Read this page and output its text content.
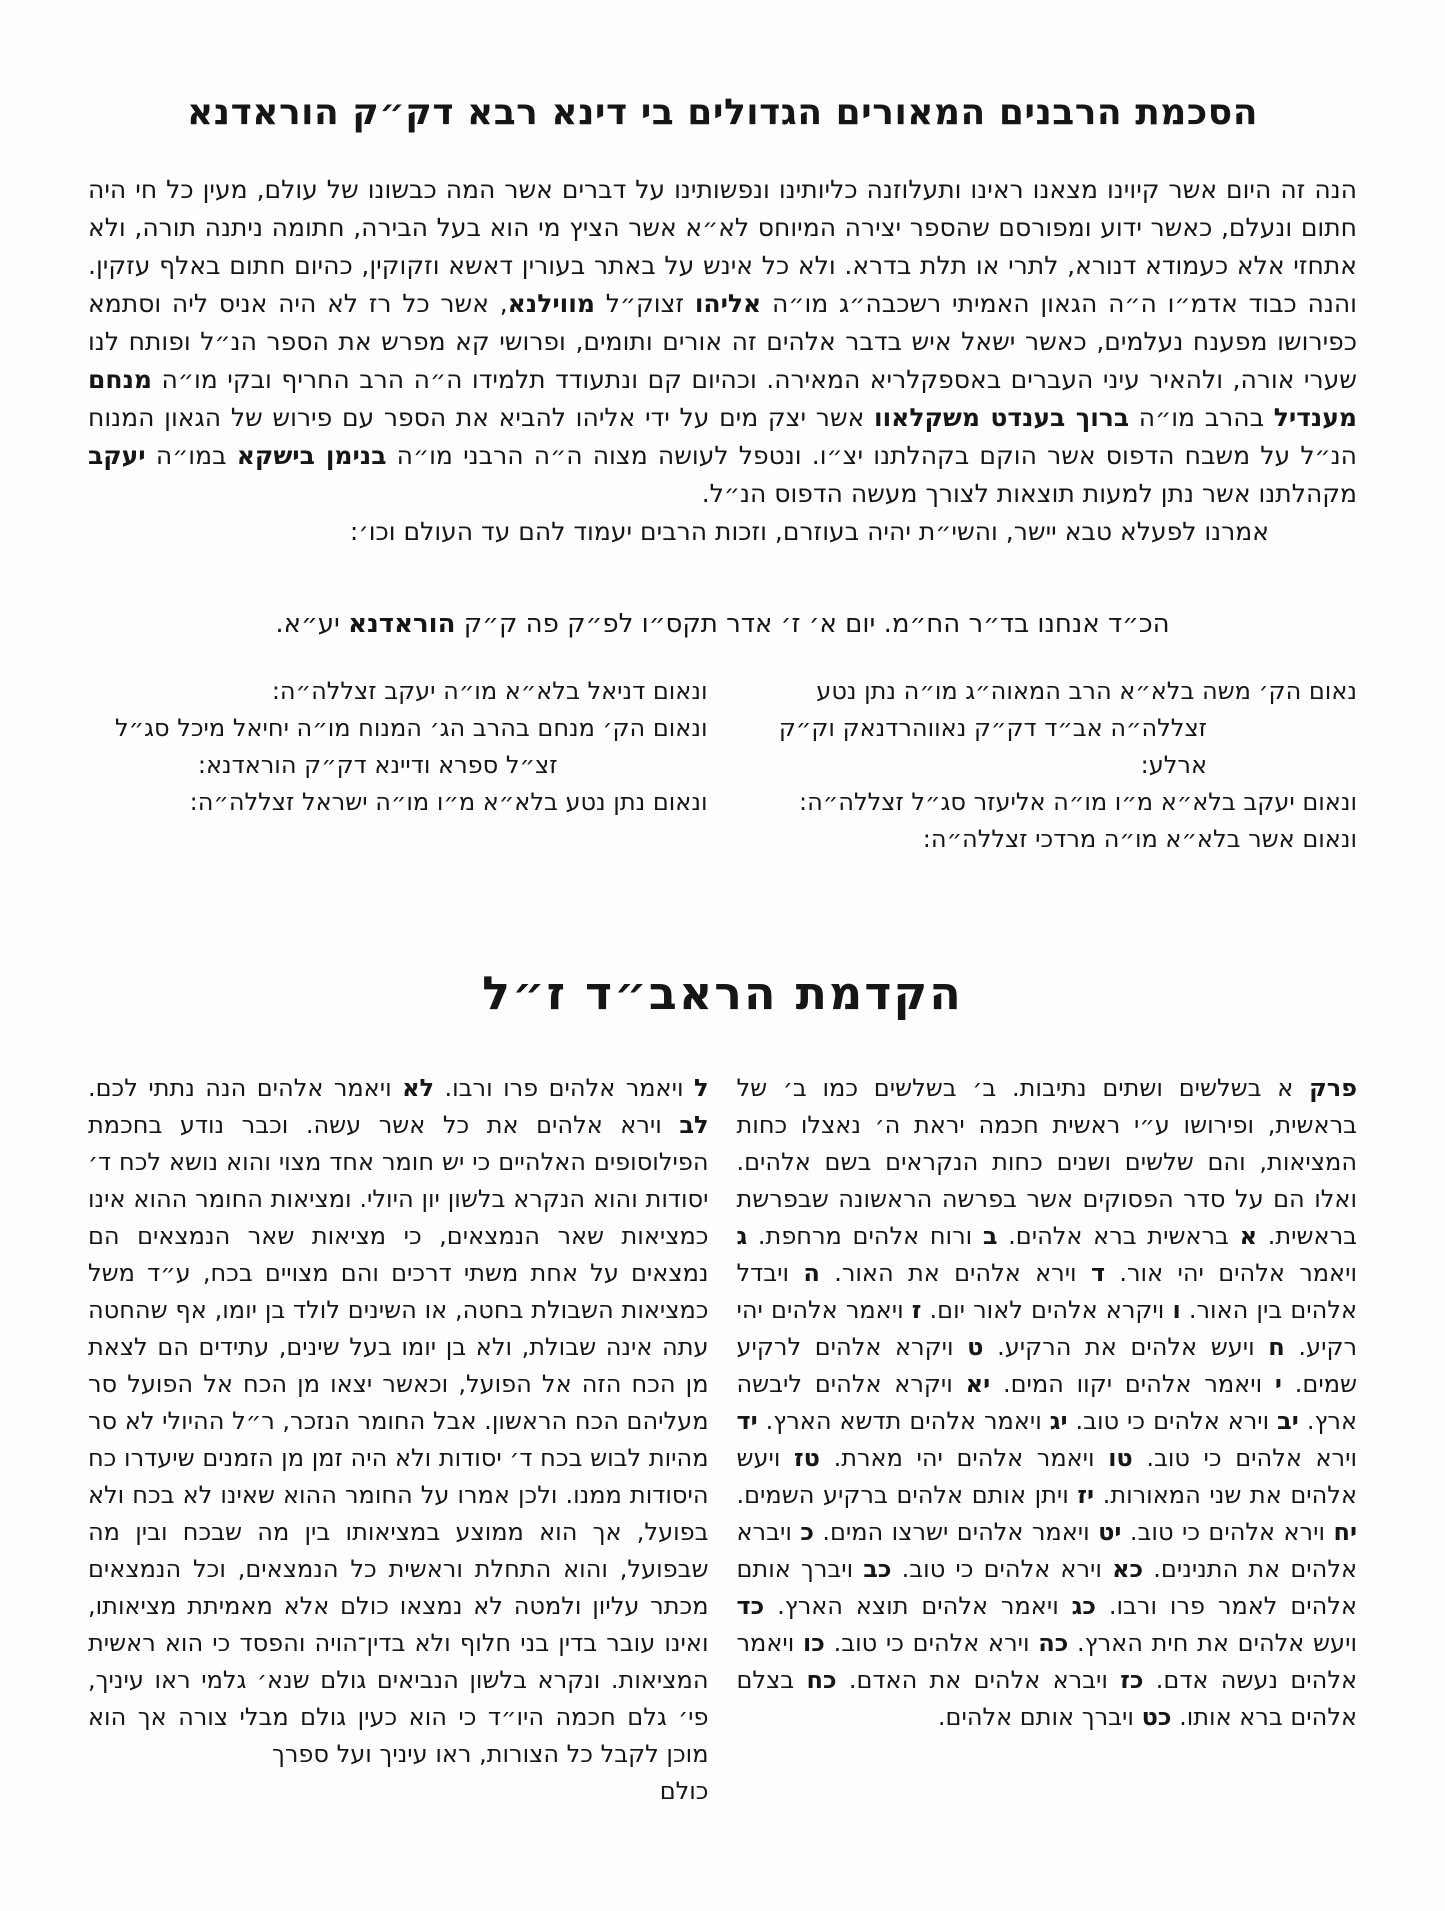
הסכמת הרבנים המאורים הגדולים בי דינא רבא דק״ק הוראדנא

הנה זה היום אשר קיוינו מצאנו ראינו ותעלוזנה כליותינו ונפשותינו על דברים אשר המה כבשונו של עולם, מעין כל חי היה חתום ונעלם, כאשר ידוע ומפורסם שהספר יצירה המיוחס לא״א אשר הציץ מי הוא בעל הבירה, חתומה ניתנה תורה, ולא אתחזי אלא כעמודא דנורא, לתרי או תלת בדרא. ולא כל אינש על באתר בעורין דאשא וזקוקין, כהיום חתום באלף עזקין. והנה כבוד אדמ״ו ה״ה הגאון האמיתי רשכבה״ג מו״ה אליהו זצוק״ל מווילנא, אשר כל רז לא היה אניס ליה וסתמא כפירושו מפענח נעלמים, כאשר ישאל איש בדבר אלהים זה אורים ותומים, ופרושי קא מפרש את הספר הנ״ל ופותח לנו שערי אורה, ולהאיר עיני העברים באספקלריא המאירה. וכהיום קם ונתעודד תלמידו ה״ה הרב החריף ובקי מו״ה מנחם מענדיל בהרב מו״ה ברוך בענדט משקלאוו אשר יצק מים על ידי אליהו להביא את הספר עם פירוש של הגאון המנוח הנ״ל על משבח הדפוס אשר הוקם בקהלתנו יצ״ו. ונטפל לעושה מצוה ה״ה הרבני מו״ה בנימן בישקא במו״ה יעקב מקהלתנו אשר נתן למעות תוצאות לצורך מעשה הדפוס הנ״ל.

אמרנו לפעלא טבא יישר, והשי״ת יהיה בעוזרם, וזכות הרבים יעמוד להם עד העולם וכו׳:

הכ״ד אנחנו בד״ר הח״מ. יום א׳ ז׳ אדר תקס״ו לפ״ק פה ק״ק הוראדנא יע״א.

נאום הק׳ משה בלא״א הרב המאוה״ג מו״ה נתן נטע
זצללה״ה אב״ד דק״ק נאווהרדנאק וק״ק ארלע:
ונאום יעקב בלא״א מ״ו מו״ה אליעזר סג״ל זצללה״ה:
ונאום אשר בלא״א מו״ה מרדכי זצללה״ה:
ונאום דניאל בלא״א מו״ה יעקב זצללה״ה:
ונאום הק׳ מנחם בהרב הג׳ המנוח מו״ה יחיאל מיכל סג״ל
זצ״ל ספרא ודיינא דק״ק הוראדנא:
ונאום נתן נטע בלא״א מ״ו מו״ה ישראל זצללה״ה:
הקדמת הראב״ד ז״ל

פרק א בשלשים ושתים נתיבות. ב׳ בשלשים כמו ב׳ של בראשית, ופירושו ע״י ראשית חכמה יראת ה׳ נאצלו כחות המציאות, והם שלשים ושנים כחות הנקראים בשם אלהים. ואלו הם על סדר הפסוקים אשר בפרשה הראשונה שבפרשת בראשית. א בראשית ברא אלהים. ב ורוח אלהים מרחפת. ג ויאמר אלהים יהי אור. ד וירא אלהים את האור. ה ויבדל אלהים בין האור. ו ויקרא אלהים לאור יום. ז ויאמר אלהים יהי רקיע. ח ויעש אלהים את הרקיע. ט ויקרא אלהים לרקיע שמים. י ויאמר אלהים יקוו המים. יא ויקרא אלהים ליבשה ארץ. יב וירא אלהים כי טוב. יג ויאמר אלהים תדשא הארץ. יד וירא אלהים כי טוב. טו ויאמר אלהים יהי מארת. טז ויעש אלהים את שני המאורות. יז ויתן אותם אלהים ברקיע השמים. יח וירא אלהים כי טוב. יט ויאמר אלהים ישרצו המים. כ ויברא אלהים את התנינים. כא וירא אלהים כי טוב. כב ויברך אותם אלהים לאמר פרו ורבו. כג ויאמר אלהים תוצא הארץ. כד ויעש אלהים את חית הארץ. כה וירא אלהים כי טוב. כו ויאמר אלהים נעשה אדם. כז ויברא אלהים את האדם. כח בצלם אלהים ברא אותו. כט ויברך אותם אלהים.

ל ויאמר אלהים פרו ורבו. לא ויאמר אלהים הנה נתתי לכם. לב וירא אלהים את כל אשר עשה. וכבר נודע בחכמת הפילוסופים האלהיים כי יש חומר אחד מצוי והוא נושא לכח ד׳ יסודות והוא הנקרא בלשון יון היולי. ומציאות החומר ההוא אינו כמציאות שאר הנמצאים, כי מציאות שאר הנמצאים הם נמצאים על אחת משתי דרכים והם מצויים בכח, ע״ד משל כמציאות השבולת בחטה, או השינים לולד בן יומו, אף שהחטה עתה אינה שבולת, ולא בן יומו בעל שינים, עתידים הם לצאת מן הכח הזה אל הפועל, וכאשר יצאו מן הכח אל הפועל סר מעליהם הכח הראשון. אבל החומר הנזכר, ר״ל ההיולי לא סר מהיות לבוש בכח ד׳ יסודות ולא היה זמן מן הזמנים שיעדרו כח היסודות ממנו. ולכן אמרו על החומר ההוא שאינו לא בכח ולא בפועל, אך הוא ממוצע במציאותו בין מה שבכח ובין מה שבפועל, והוא התחלת וראשית כל הנמצאים, וכל הנמצאים מכתר עליון ולמטה לא נמצאו כולם אלא מאמיתת מציאותו, ואינו עובר בדין בני חלוף ולא בדין־הויה והפסד כי הוא ראשית המציאות. ונקרא בלשון הנביאים גולם שנא׳ גלמי ראו עיניך, פי׳ גלם חכמה היו״ד כי הוא כעין גולם מבלי צורה אך הוא מוכן לקבל כל הצורות, ראו עיניך ועל ספרך

כולם
